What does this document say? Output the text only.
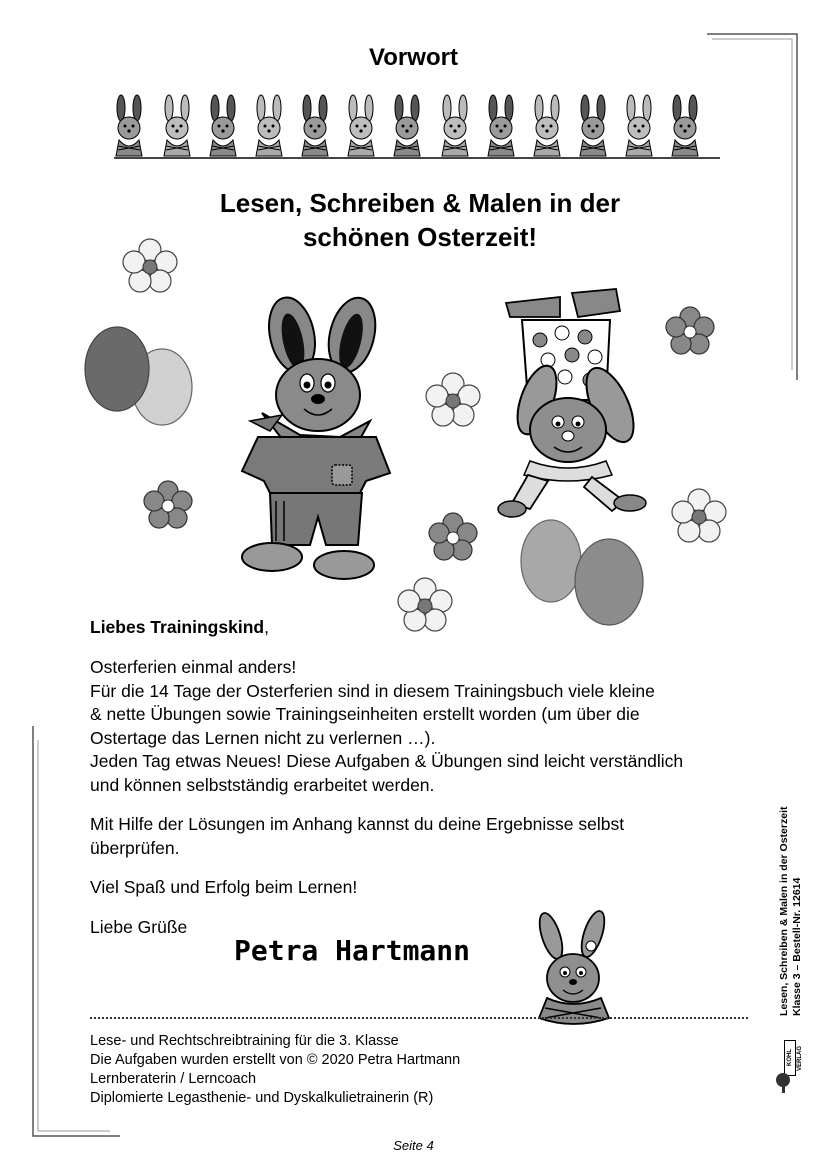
Vorwort
Lesen, Schreiben & Malen in der
schönen Osterzeit!
Liebes Trainingskind,
Osterferien einmal anders!
Für die 14 Tage der Osterferien sind in diesem Trainingsbuch viele kleine
& nette Übungen sowie Trainingseinheiten erstellt worden (um über die
Ostertage das Lernen nicht zu verlernen …).
Jeden Tag etwas Neues! Diese Aufgaben & Übungen sind leicht verständlich
und können selbstständig erarbeitet werden.
Mit Hilfe der Lösungen im Anhang kannst du deine Ergebnisse selbst
überprüfen.
Viel Spaß und Erfolg beim Lernen!
Liebe Grüße
Petra Hartmann
Lese- und Rechtschreibtraining für die 3. Klasse
Die Aufgaben wurden erstellt von © 2020 Petra Hartmann
Lernberaterin / Lerncoach
Diplomierte Legasthenie- und Dyskalkulietrainerin (R)
Lesen, Schreiben & Malen in der Osterzeit Klasse 3 – Bestell-Nr. 12614
KOHL VERLAG
Seite 4
